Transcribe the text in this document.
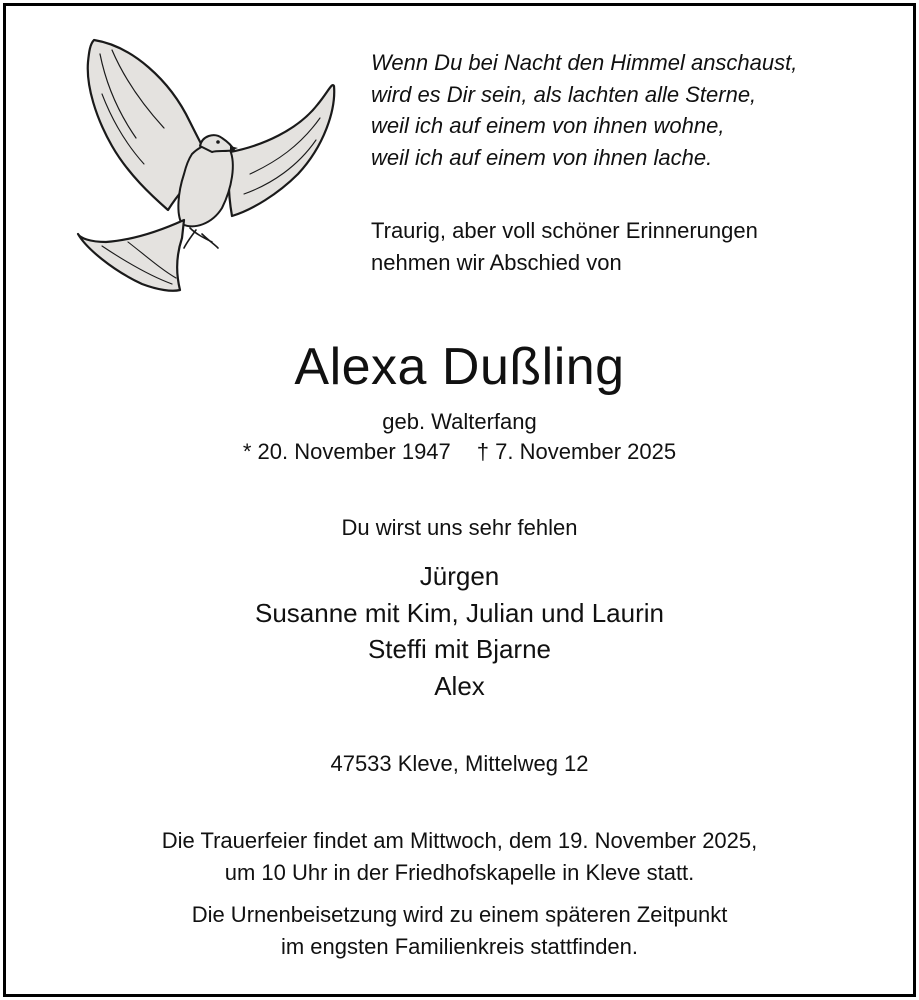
Wenn Du bei Nacht den Himmel anschaust,
wird es Dir sein, als lachten alle Sterne,
weil ich auf einem von ihnen wohne,
weil ich auf einem von ihnen lache.
Traurig, aber voll schöner Erinnerungen
nehmen wir Abschied von
Alexa Dußling
geb. Walterfang
* 20. November 1947 † 7. November 2025
Du wirst uns sehr fehlen
Jürgen
Susanne mit Kim, Julian und Laurin
Steffi mit Bjarne
Alex
47533 Kleve, Mittelweg 12
Die Trauerfeier findet am Mittwoch, dem 19. November 2025,
um 10 Uhr in der Friedhofskapelle in Kleve statt.
Die Urnenbeisetzung wird zu einem späteren Zeitpunkt
im engsten Familienkreis stattfinden.
